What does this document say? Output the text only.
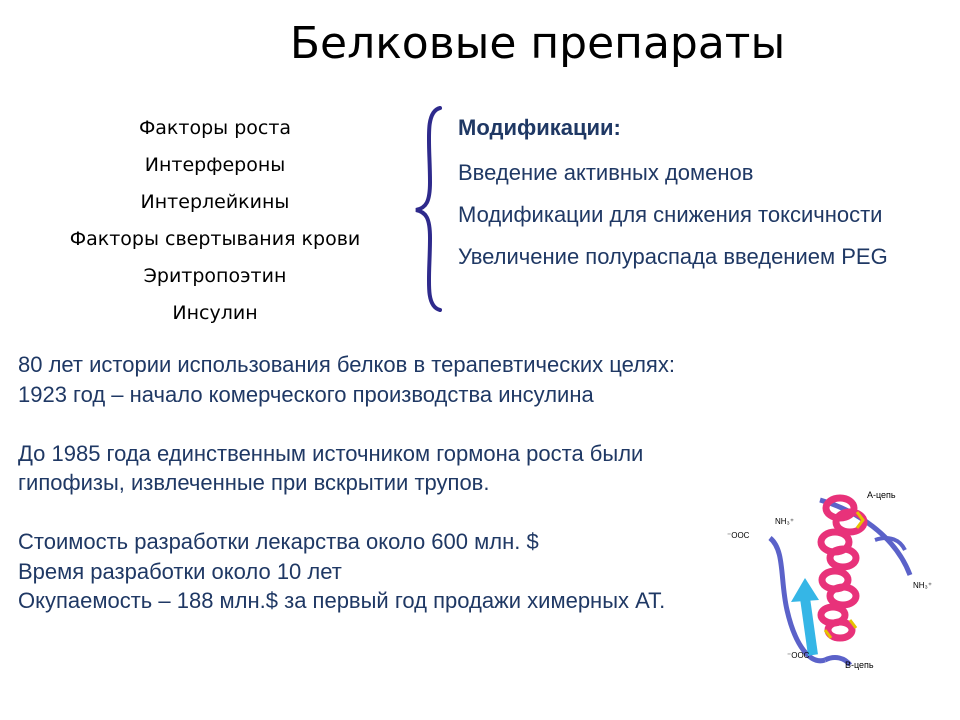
Белковые препараты
Факторы роста
Интерфероны
Интерлейкины
Факторы свертывания крови
Эритропоэтин
Инсулин
Модификации:
Введение активных доменов
Модификации для снижения токсичности
Увеличение полураспада введением PEG

80 лет истории использования белков в терапевтических целях:

1923 год – начало комерческого производства инсулина

До 1985 года единственным источником гормона роста были гипофизы, извлеченные при вскрытии трупов.

Стоимость разработки лекарства около 600 млн. $

Время разработки около 10 лет

Окупаемость – 188 млн.$ за первый год продажи химерных АТ.

А-цепь
В-цепь
⁻OOC
⁻OOC
NH₃⁺
NH₃⁺
